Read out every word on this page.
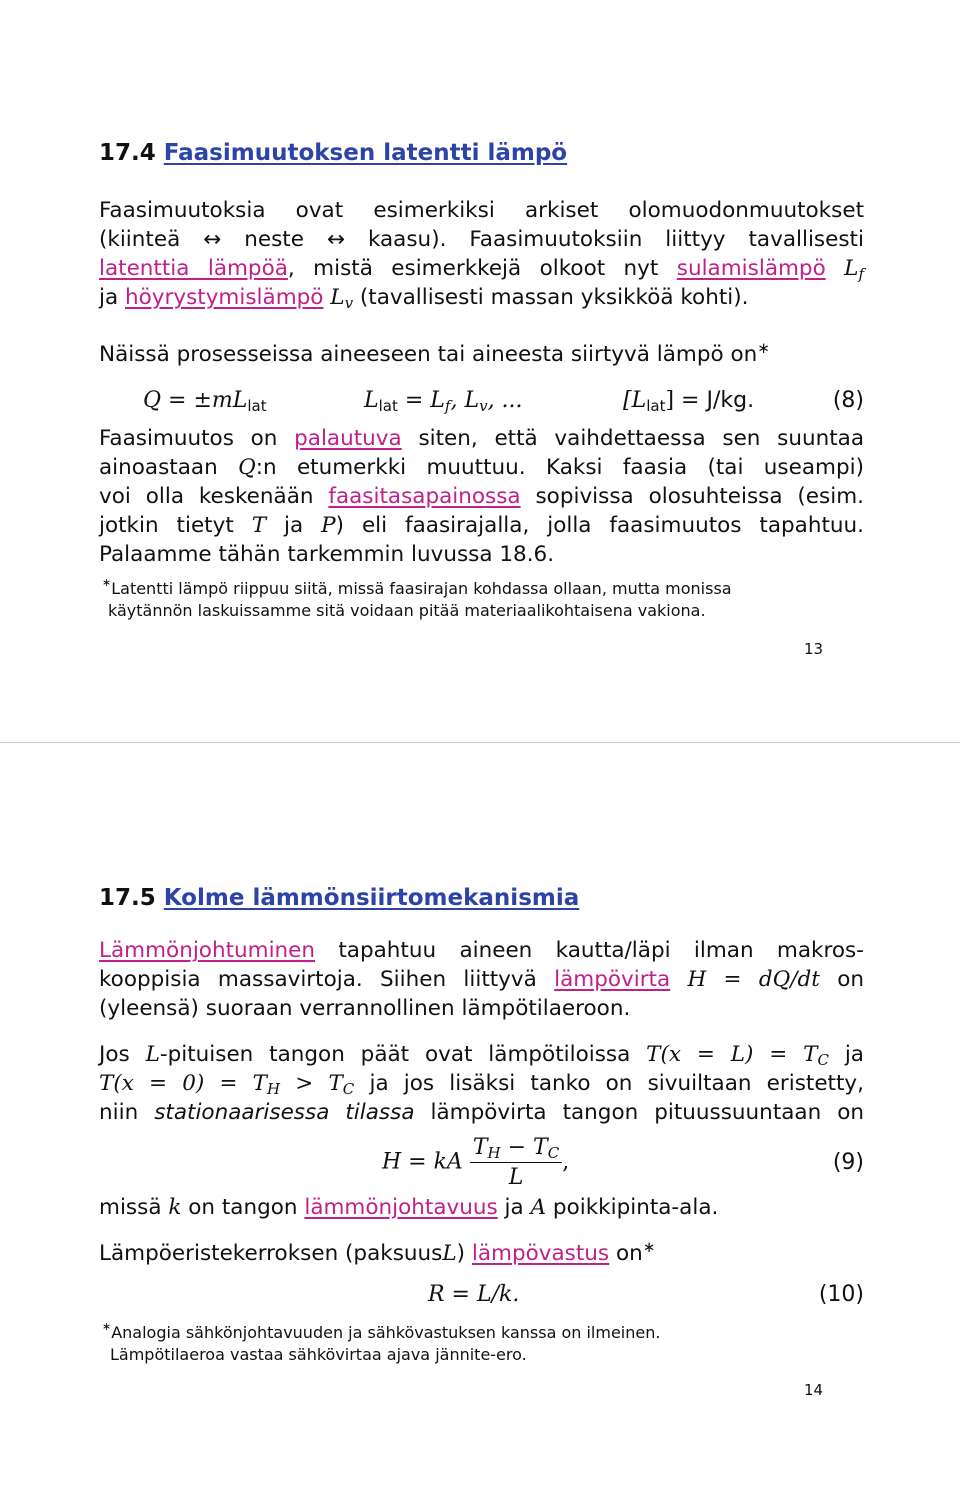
17.4 Faasimuutoksen latentti lämpö
Faasimuutoksia ovat esimerkiksi arkiset olomuodonmuutokset
(kiinteä ↔ neste ↔ kaasu). Faasimuutoksiin liittyy tavallisesti
latenttia lämpöä, mistä esimerkkejä olkoot nyt sulamislämpö $L_f$
ja höyrystymislämpö $L_v$ (tavallisesti massan yksikköä kohti).
Näissä prosesseissa aineeseen tai aineesta siirtyvä lämpö on∗
$Q = \pm mL_{lat}$	$L_{lat} = L_f$, $L_v$, ...	$[L_{lat}] = J/kg$.	(8)
Faasimuutos on palautuva siten, että vaihdettaessa sen suuntaa
ainoastaan Q:n etumerkki muuttuu. Kaksi faasia (tai useampi)
voi olla keskenään faasitasapainossa sopivissa olosuhteissa (esim.
jotkin tietyt T ja P) eli faasirajalla, jolla faasimuutos tapahtuu.
Palaamme tähän tarkemmin luvussa 18.6.
∗Latentti lämpö riippuu siitä, missä faasirajan kohdassa ollaan, mutta monissa
käytännön laskuissamme sitä voidaan pitää materiaalikohtaisena vakiona.
13
17.5 Kolme lämmönsiirtomekanismia
Lämmönjohtuminen tapahtuu aineen kautta/läpi ilman makros-
kooppisia massavirtoja. Siihen liittyvä lämpövirta H = dQ/dt on
(yleensä) suoraan verrannollinen lämpötilaeroon.
Jos L-pituisen tangon päät ovat lämpötiloissa $T(x = L) = T_C$ ja
$T(x = 0) = T_H > T_C$ ja jos lisäksi tanko on sivuiltaan eristetty,
niin stationaarisessa tilassa lämpövirta tangon pituussuuntaan on
H = kA $\frac{T_H - T_C}{L}$ ,	(9)
missä k on tangon lämmönjohtavuus ja A poikkipinta-ala.
Lämpöeristekerroksen (paksuusL) lämpövastus on∗
R = L/k.	(10)
∗Analogia sähkönjohtavuuden ja sähkövastuksen kanssa on ilmeinen.
Lämpötilaeroa vastaa sähkövirtaa ajava jännite-ero.
14
